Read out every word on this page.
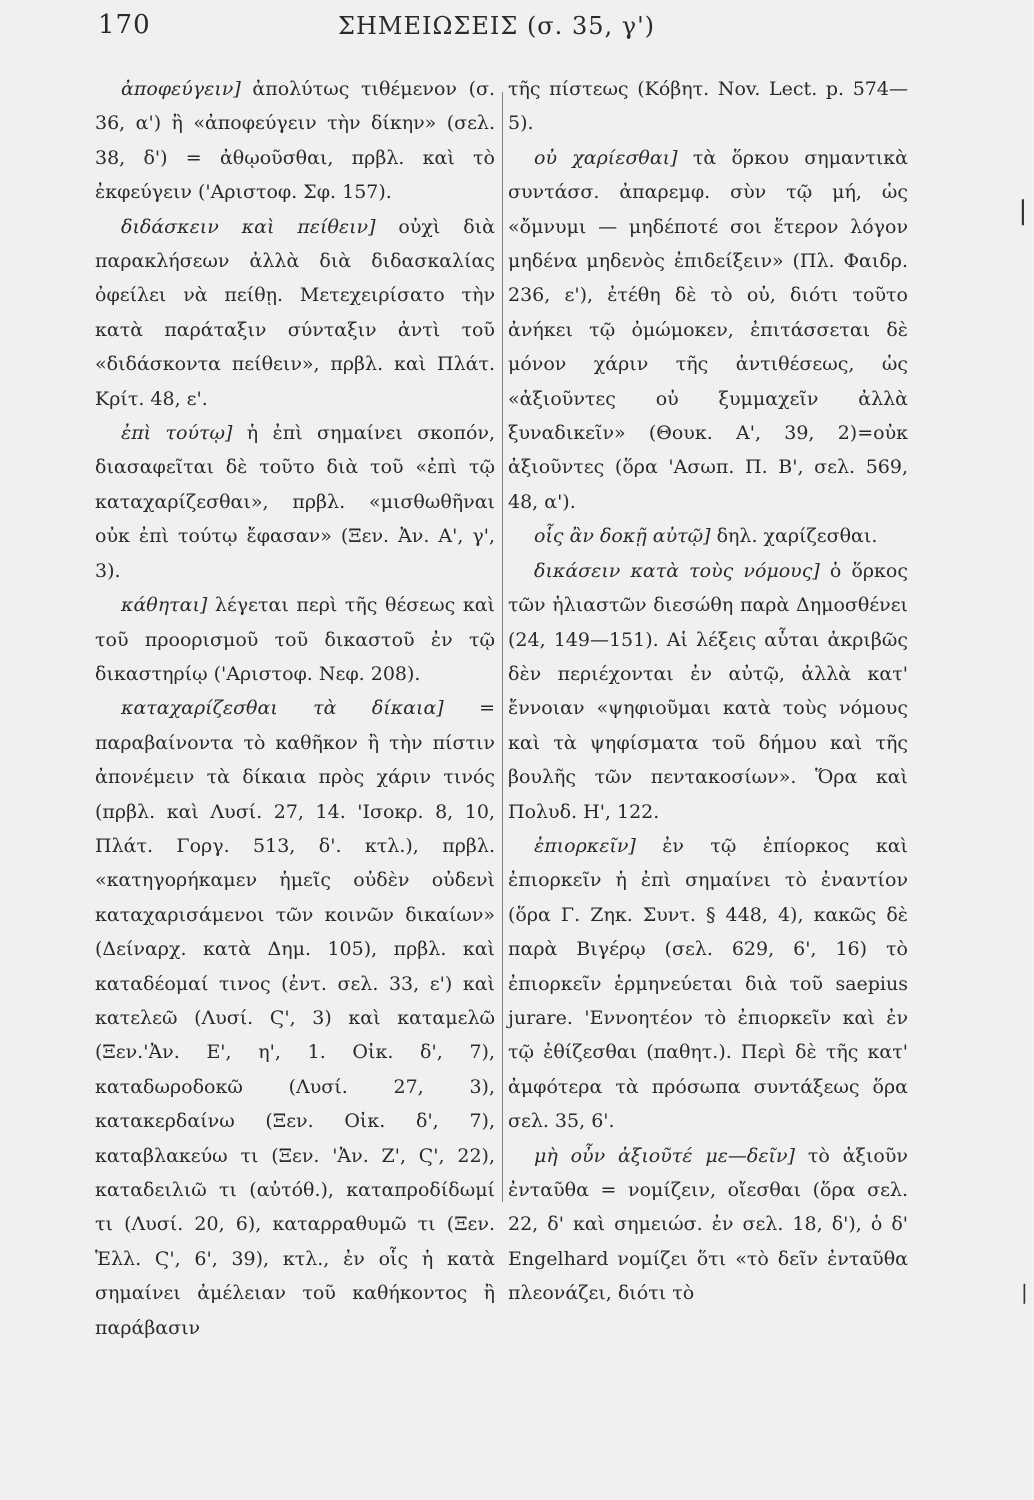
170	ΣΗΜΕΙΩΣΕΙΣ (σ. 35, γ')

ἀποφεύγειν] ἀπολύτως τιθέμενον (σ. 36, α') ἢ «ἀποφεύγειν τὴν δίκην» (σελ. 38, δ') = ἀθῳοῦσθαι, πρβλ. καὶ τὸ ἐκφεύγειν ('Αριστοφ. Σφ. 157).

διδάσκειν καὶ πείθειν] οὐχὶ διὰ παρακλήσεων ἀλλὰ διὰ διδασκαλίας ὀφείλει νὰ πείθῃ. Μετεχειρίσατο τὴν κατὰ παράταξιν σύνταξιν ἀντὶ τοῦ «διδάσκοντα πείθειν», πρβλ. καὶ Πλάτ. Κρίτ. 48, ε'.

ἐπὶ τούτῳ] ἡ ἐπὶ σημαίνει σκοπόν, διασαφεῖται δὲ τοῦτο διὰ τοῦ «ἐπὶ τῷ καταχαρίζεσθαι», πρβλ. «μισθωθῆναι οὐκ ἐπὶ τούτῳ ἔφασαν» (Ξεν. Ἀν. Α', γ', 3).

κάθηται] λέγεται περὶ τῆς θέσεως καὶ τοῦ προορισμοῦ τοῦ δικαστοῦ ἐν τῷ δικαστηρίῳ ('Αριστοφ. Νεφ. 208).

καταχαρίζεσθαι τὰ δίκαια] = παραβαίνοντα τὸ καθῆκον ἢ τὴν πίστιν ἀπονέμειν τὰ δίκαια πρὸς χάριν τινός (πρβλ. καὶ Λυσί. 27, 14. 'Ισοκρ. 8, 10, Πλάτ. Γοργ. 513, δ'. κτλ.), πρβλ. «κατηγορήκαμεν ἡμεῖς οὐδὲν οὐδενὶ καταχαρισάμενοι τῶν κοινῶν δικαίων» (Δείναρχ. κατὰ Δημ. 105), πρβλ. καὶ καταδέομαί τινος (ἐντ. σελ. 33, ε') καὶ κατελεῶ (Λυσί. Ϛ', 3) καὶ καταμελῶ (Ξεν.'Ἀν. Ε', η', 1. Οἰκ. δ', 7), καταδωροδοκῶ (Λυσί. 27, 3), κατακερδαίνω (Ξεν. Οἰκ. δ', 7), καταβλακεύω τι (Ξεν. 'Ἀν. Ζ', Ϛ', 22), καταδειλιῶ τι (αὐτόθ.), καταπροδίδωμί τι (Λυσί. 20, 6), καταρραθυμῶ τι (Ξεν. Ἑλλ. Ϛ', 6', 39), κτλ., ἐν οἷς ἡ κατὰ σημαίνει ἀμέλειαν τοῦ καθήκοντος ἢ παράβασιν

τῆς πίστεως (Κόβητ. Nov. Lect. p. 574—5).

οὐ χαρίεσθαι] τὰ ὅρκου σημαντικὰ συντάσσ. ἀπαρεμφ. σὺν τῷ μή, ὡς «ὄμνυμι — μηδέποτέ σοι ἕτερον λόγον μηδένα μηδενὸς ἐπιδείξειν» (Πλ. Φαιδρ. 236, ε'), ἐτέθη δὲ τὸ οὐ, διότι τοῦτο ἀνήκει τῷ ὀμώμοκεν, ἐπιτάσσεται δὲ μόνον χάριν τῆς ἀντιθέσεως, ὡς «ἀξιοῦντες οὐ ξυμμαχεῖν ἀλλὰ ξυναδικεῖν» (Θουκ. Α', 39, 2)=οὐκ ἀξιοῦντες (ὅρα 'Ασωπ. Π. Β', σελ. 569, 48, α').

οἷς ἂν δοκῇ αὐτῷ] δηλ. χαρίζεσθαι.

δικάσειν κατὰ τοὺς νόμους] ὁ ὅρκος τῶν ἡλιαστῶν διεσώθη παρὰ Δημοσθένει (24, 149—151). Αἱ λέξεις αὗται ἀκριβῶς δὲν περιέχονται ἐν αὐτῷ, ἀλλὰ κατ' ἔννοιαν «ψηφιοῦμαι κατὰ τοὺς νόμους καὶ τὰ ψηφίσματα τοῦ δήμου καὶ τῆς βουλῆς τῶν πεντακοσίων». Ὅρα καὶ Πολυδ. Η', 122.

ἐπιορκεῖν] ἐν τῷ ἐπίορκος καὶ ἐπιορκεῖν ἡ ἐπὶ σημαίνει τὸ ἐναντίον (ὅρα Γ. Ζηκ. Συντ. § 448, 4), κακῶς δὲ παρὰ Βιγέρῳ (σελ. 629, 6', 16) τὸ ἐπιορκεῖν ἑρμηνεύεται διὰ τοῦ saepius jurare. 'Εννοητέον τὸ ἐπιορκεῖν καὶ ἐν τῷ ἐθίζεσθαι (παθητ.). Περὶ δὲ τῆς κατ' ἀμφότερα τὰ πρόσωπα συντάξεως ὅρα σελ. 35, 6'.

μὴ οὖν ἀξιοῦτέ με—δεῖν] τὸ ἀξιοῦν ἐνταῦθα = νομίζειν, οἴεσθαι (ὅρα σελ. 22, δ' καὶ σημειώσ. ἐν σελ. 18, δ'), ὁ δ' Engelhard νομίζει ὅτι «τὸ δεῖν ἐνταῦθα πλεονάζει, διότι τὸ

❘
❘
